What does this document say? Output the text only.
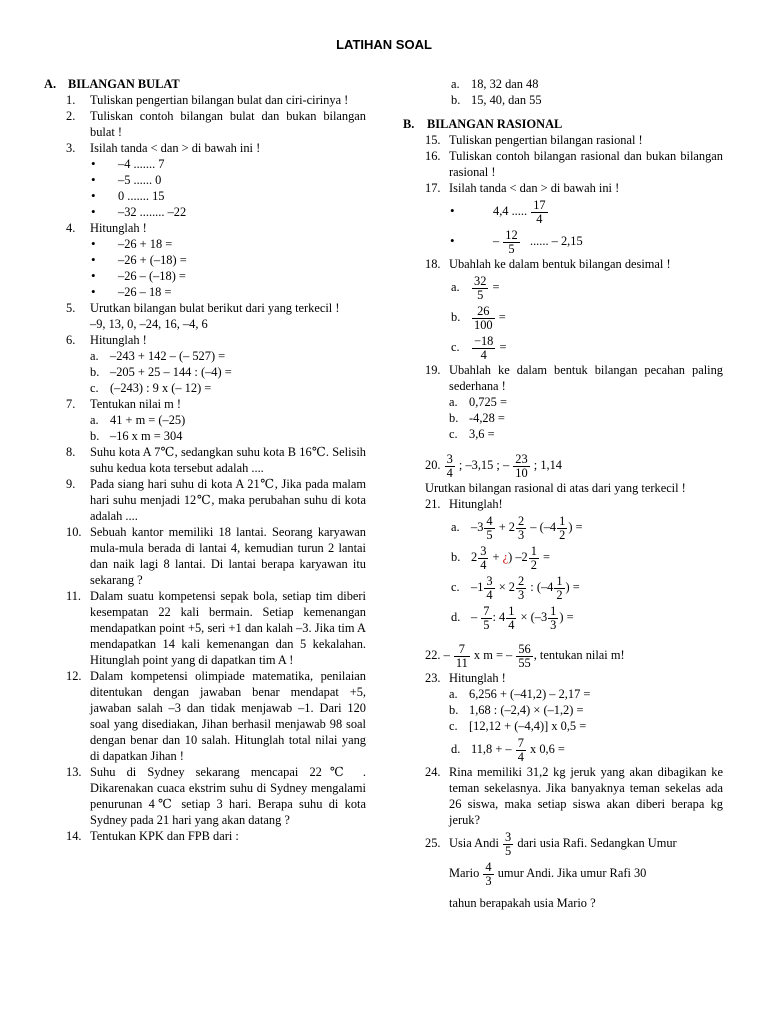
LATIHAN SOAL
A. BILANGAN BULAT
1. Tuliskan pengertian bilangan bulat dan ciri-cirinya !
2. Tuliskan contoh bilangan bulat dan bukan bilangan bulat !
3. Isilah tanda < dan > di bawah ini !
• –4 ....... 7
• –5 ...... 0
• 0 ....... 15
• –32 ........ –22
4. Hitunglah !
• –26 + 18 =
• –26 + (–18) =
• –26 – (–18) =
• –26 – 18 =
5. Urutkan bilangan bulat berikut dari yang terkecil !
–9, 13, 0, –24, 16, –4, 6
6. Hitunglah !
a. –243 + 142 – (– 527) =
b. –205 + 25 – 144 : (–4) =
c. (–243) : 9 x (– 12) =
7. Tentukan nilai m !
a. 41 + m = (–25)
b. –16 x m = 304
8. Suhu kota A 7℃, sedangkan suhu kota B 16℃. Selisih suhu kedua kota tersebut adalah ....
9. Pada siang hari suhu di kota A 21℃, Jika pada malam hari suhu menjadi 12℃, maka perubahan suhu di kota adalah ....
10. Sebuah kantor memiliki 18 lantai. Seorang karyawan mula-mula berada di lantai 4, kemudian turun 2 lantai dan naik lagi 8 lantai. Di lantai berapa karyawan itu sekarang ?
11. Dalam suatu kompetensi sepak bola, setiap tim diberi kesempatan 22 kali bermain. Setiap kemenangan mendapatkan point +5, seri +1 dan kalah –3. Jika tim A mendapatkan 14 kali kemenangan dan 5 kekalahan. Hitunglah point yang di dapatkan tim A !
12. Dalam kompetensi olimpiade matematika, penilaian ditentukan dengan jawaban benar mendapat +5, jawaban salah –3 dan tidak menjawab –1. Dari 120 soal yang disediakan, Jihan berhasil menjawab 98 soal dengan benar dan 10 salah. Hitunglah total nilai yang di dapatkan Jihan !
13. Suhu di Sydney sekarang mencapai 22℃ . Dikarenakan cuaca ekstrim suhu di Sydney mengalami penurunan 4℃ setiap 3 hari. Berapa suhu di kota Sydney pada 21 hari yang akan datang ?
14. Tentukan KPK dan FPB dari :
a. 18, 32 dan 48
b. 15, 40, dan 55
B. BILANGAN RASIONAL
15. Tuliskan pengertian bilangan rasional !
16. Tuliskan contoh bilangan rasional dan bukan bilangan rasional !
17. Isilah tanda < dan > di bawah ini !
• 4,4 ..... $\frac{17}{4}$
• – $\frac{12}{5}$ ...... – 2,15
18. Ubahlah ke dalam bentuk bilangan desimal !
a. $\frac{32}{5}$ =
b. $\frac{26}{100}$ =
c. $\frac{-18}{4}$ =
19. Ubahlah ke dalam bentuk bilangan pecahan paling sederhana !
a. 0,725 =
b. -4,28 =
c. 3,6 =
20. $\frac{3}{4}$ ; –3,15 ; – $\frac{23}{10}$ ; 1,14
Urutkan bilangan rasional di atas dari yang terkecil !
21. Hitunglah!
a. $-3 \frac{4}{5} + 2 \frac{2}{3} - (-4 \frac{1}{2}$ ) =
b. $2 \frac{3}{4}$ + ¿) $-2 \frac{1}{2}$ =
c. $-1 \frac{3}{4} \times 2 \frac{2}{3}$ : ($-4 \frac{1}{2}$ ) =
d. – $\frac{7}{5}$ : $4 \frac{1}{4} \times (-3 \frac{1}{3}$ ) =
22. – $\frac{7}{11}$ x m = – $\frac{56}{55}$ , tentukan nilai m!
23. Hitunglah !
a. 6,256 + (–41,2) – 2,17 =
b. 1,68 : (–2,4) × (–1,2) =
c. [12,12 + (–4,4)] x 0,5 =
d. 11,8 + – $\frac{7}{4}$ x 0,6 =
24. Rina memiliki 31,2 kg jeruk yang akan dibagikan ke teman sekelasnya. Jika banyaknya teman sekelas ada 26 siswa, maka setiap siswa akan diberi berapa kg jeruk?
25. Usia Andi $\frac{3}{5}$ dari usia Rafi. Sedangkan Umur
Mario $\frac{4}{3}$ umur Andi. Jika umur Rafi 30
tahun berapakah usia Mario ?
